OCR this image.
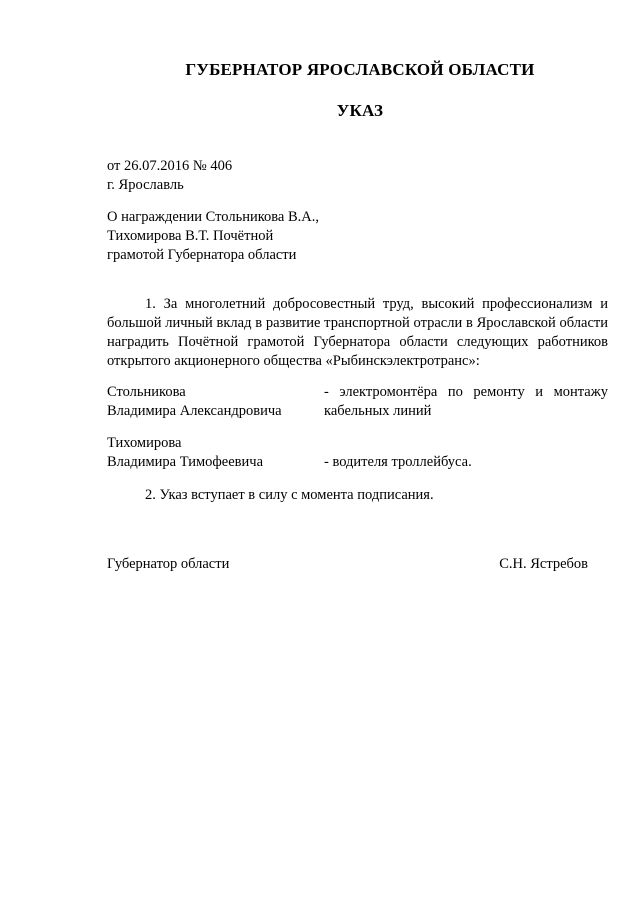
ГУБЕРНАТОР ЯРОСЛАВСКОЙ ОБЛАСТИ
УКАЗ
от 26.07.2016 № 406
г. Ярославль
О награждении Стольникова В.А.,
Тихомирова В.Т. Почётной
грамотой Губернатора области
1. За многолетний добросовестный труд, высокий профессионализм и большой личный вклад в развитие транспортной отрасли в Ярославской области наградить Почётной грамотой Губернатора области следующих работников открытого акционерного общества «Рыбинскэлектротранс»:
Стольникова
Владимира Александровича
- электромонтёра по ремонту и монтажу кабельных линий
Тихомирова
Владимира Тимофеевича	- водителя троллейбуса.
2. Указ вступает в силу с момента подписания.
Губернатор области	С.Н. Ястребов
